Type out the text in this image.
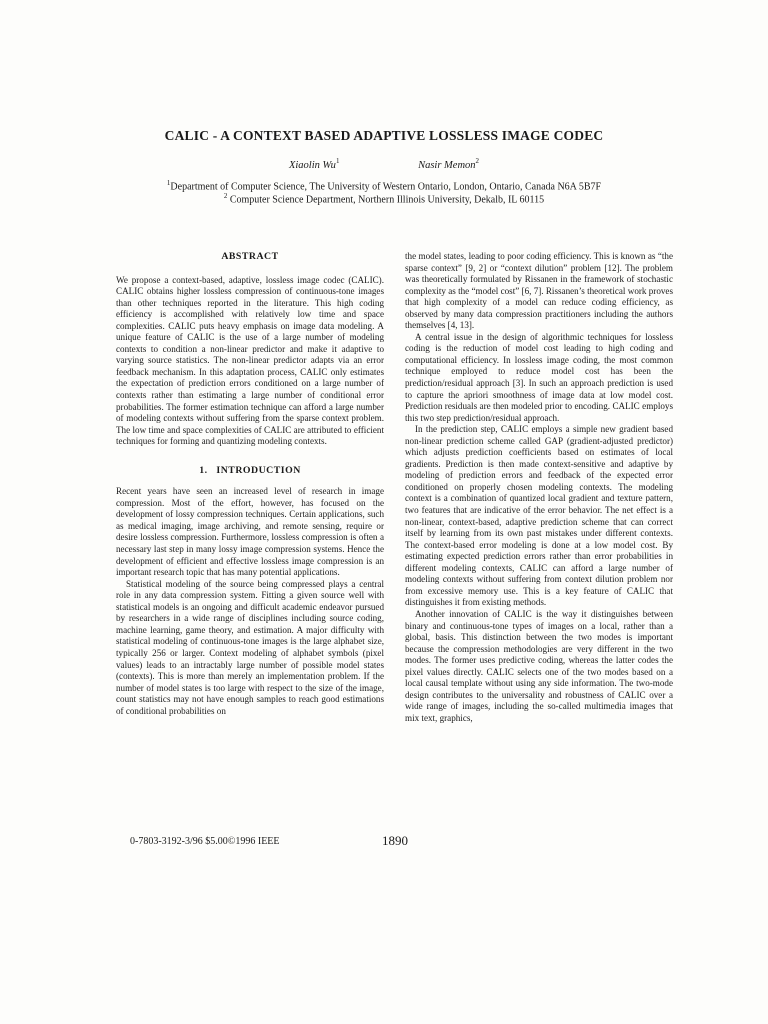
CALIC - A CONTEXT BASED ADAPTIVE LOSSLESS IMAGE CODEC
Xiaolin Wu$^1$	Nasir Memon$^2$
$^1$Department of Computer Science, The University of Western Ontario, London, Ontario, Canada N6A 5B7F
$^2$ Computer Science Department, Northern Illinois University, Dekalb, IL 60115
ABSTRACT

We propose a context-based, adaptive, lossless image codec (CALIC). CALIC obtains higher lossless compression of continuous-tone images than other techniques reported in the literature. This high coding efficiency is accomplished with relatively low time and space complexities. CALIC puts heavy emphasis on image data modeling. A unique feature of CALIC is the use of a large number of modeling contexts to condition a non-linear predictor and make it adaptive to varying source statistics. The non-linear predictor adapts via an error feedback mechanism. In this adaptation process, CALIC only estimates the expectation of prediction errors conditioned on a large number of contexts rather than estimating a large number of conditional error probabilities. The former estimation technique can afford a large number of modeling contexts without suffering from the sparse context problem. The low time and space complexities of CALIC are attributed to efficient techniques for forming and quantizing modeling contexts.

1.   INTRODUCTION

Recent years have seen an increased level of research in image compression. Most of the effort, however, has focused on the development of lossy compression techniques. Certain applications, such as medical imaging, image archiving, and remote sensing, require or desire lossless compression. Furthermore, lossless compression is often a necessary last step in many lossy image compression systems. Hence the development of efficient and effective lossless image compression is an important research topic that has many potential applications.

Statistical modeling of the source being compressed plays a central role in any data compression system. Fitting a given source well with statistical models is an ongoing and difficult academic endeavor pursued by researchers in a wide range of disciplines including source coding, machine learning, game theory, and estimation. A major difficulty with statistical modeling of continuous-tone images is the large alphabet size, typically 256 or larger. Context modeling of alphabet symbols (pixel values) leads to an intractably large number of possible model states (contexts). This is more than merely an implementation problem. If the number of model states is too large with respect to the size of the image, count statistics may not have enough samples to reach good estimations of conditional probabilities on

the model states, leading to poor coding efficiency. This is known as “the sparse context” [9, 2] or “context dilution” problem [12]. The problem was theoretically formulated by Rissanen in the framework of stochastic complexity as the “model cost” [6, 7]. Rissanen’s theoretical work proves that high complexity of a model can reduce coding efficiency, as observed by many data compression practitioners including the authors themselves [4, 13].

A central issue in the design of algorithmic techniques for lossless coding is the reduction of model cost leading to high coding and computational efficiency. In lossless image coding, the most common technique employed to reduce model cost has been the prediction/residual approach [3]. In such an approach prediction is used to capture the apriori smoothness of image data at low model cost. Prediction residuals are then modeled prior to encoding. CALIC employs this two step prediction/residual approach.

In the prediction step, CALIC employs a simple new gradient based non-linear prediction scheme called GAP (gradient-adjusted predictor) which adjusts prediction coefficients based on estimates of local gradients. Prediction is then made context-sensitive and adaptive by modeling of prediction errors and feedback of the expected error conditioned on properly chosen modeling contexts. The modeling context is a combination of quantized local gradient and texture pattern, two features that are indicative of the error behavior. The net effect is a non-linear, context-based, adaptive prediction scheme that can correct itself by learning from its own past mistakes under different contexts. The context-based error modeling is done at a low model cost. By estimating expected prediction errors rather than error probabilities in different modeling contexts, CALIC can afford a large number of modeling contexts without suffering from context dilution problem nor from excessive memory use. This is a key feature of CALIC that distinguishes it from existing methods.

Another innovation of CALIC is the way it distinguishes between binary and continuous-tone types of images on a local, rather than a global, basis. This distinction between the two modes is important because the compression methodologies are very different in the two modes. The former uses predictive coding, whereas the latter codes the pixel values directly. CALIC selects one of the two modes based on a local causal template without using any side information. The two-mode design contributes to the universality and robustness of CALIC over a wide range of images, including the so-called multimedia images that mix text, graphics,

0-7803-3192-3/96 $5.00©1996 IEEE	1890
